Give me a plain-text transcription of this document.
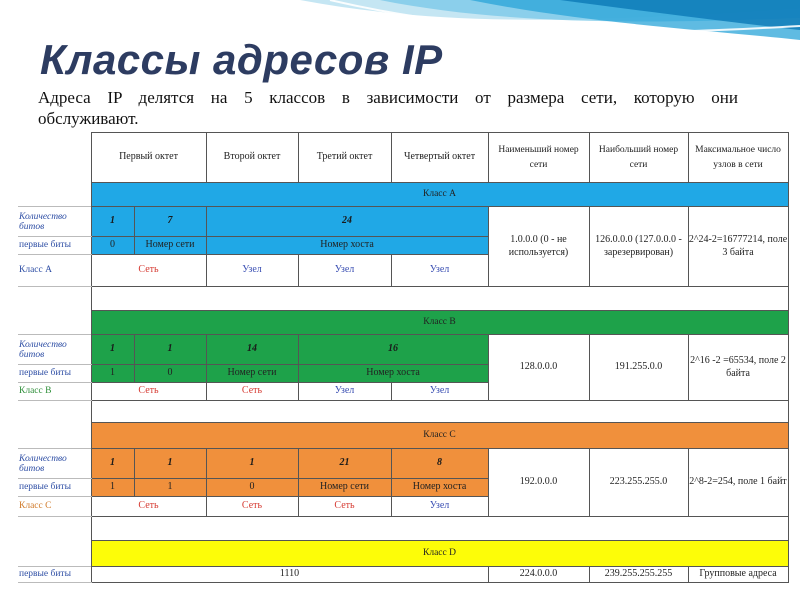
Классы адресов IP

Адреса IP делятся на 5 классов в зависимости от размера сети, которую они обслуживают.

	Первый октет		Второй октет	Третий октет	Четвертый октет	Наименьший номер сети	Наибольший номер сети	Максимальное число узлов в сети
	Класс A							
Количество битов	1	7	24			1.0.0.0 (0 - не используется)	126.0.0.0 (127.0.0.0 - зарезервирован)	2^24-2=16777214, поле 3 байта
первые биты	0	Номер сети	Номер хоста					
Класс А	Сеть		Узел	Узел	Узел			

	Класс B							
Количество битов	1	1	14	16		128.0.0.0	191.255.0.0	2^16 -2 =65534, поле 2 байта
первые биты	1	0	Номер сети	Номер хоста				
Класс B	Сеть		Сеть	Узел	Узел			

	Класс C							
Количество битов	1	1	1	21	8	192.0.0.0	223.255.255.0	2^8-2=254, поле 1 байт
первые биты	1	1	0	Номер сети	Номер хоста			
Класс С	Сеть		Сеть	Сеть	Узел			

	Класс D							
первые биты	1110					224.0.0.0	239.255.255.255	Групповые адреса
